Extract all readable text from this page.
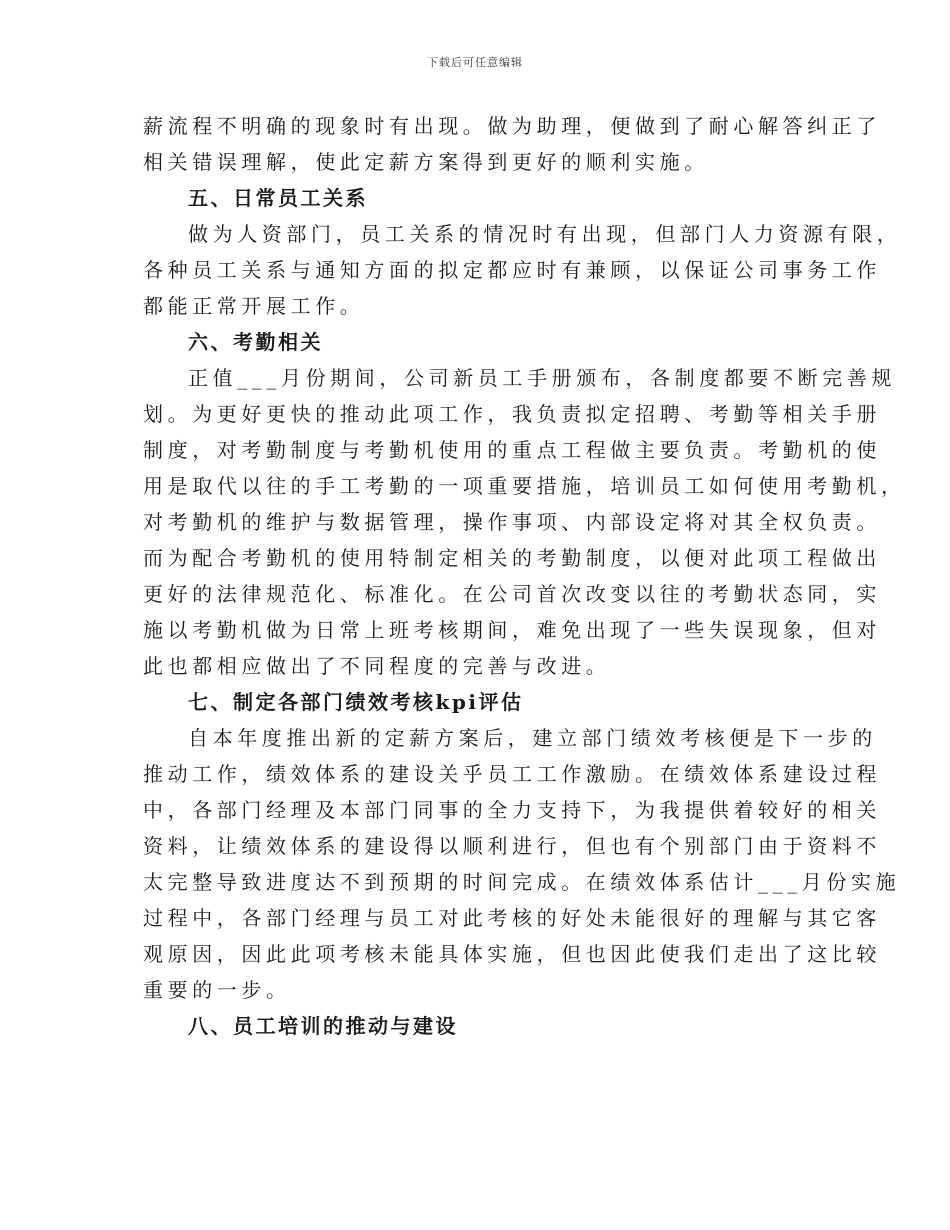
下载后可任意编辑
薪流程不明确的现象时有出现。做为助理，便做到了耐心解答纠正了
相关错误理解，使此定薪方案得到更好的顺利实施。
五、日常员工关系
做为人资部门，员工关系的情况时有出现，但部门人力资源有限，
各种员工关系与通知方面的拟定都应时有兼顾，以保证公司事务工作
都能正常开展工作。
六、考勤相关
正值___月份期间，公司新员工手册颁布，各制度都要不断完善规
划。为更好更快的推动此项工作，我负责拟定招聘、考勤等相关手册
制度，对考勤制度与考勤机使用的重点工程做主要负责。考勤机的使
用是取代以往的手工考勤的一项重要措施，培训员工如何使用考勤机，
对考勤机的维护与数据管理，操作事项、内部设定将对其全权负责。
而为配合考勤机的使用特制定相关的考勤制度，以便对此项工程做出
更好的法律规范化、标准化。在公司首次改变以往的考勤状态同，实
施以考勤机做为日常上班考核期间，难免出现了一些失误现象，但对
此也都相应做出了不同程度的完善与改进。
七、制定各部门绩效考核kpi评估
自本年度推出新的定薪方案后，建立部门绩效考核便是下一步的
推动工作，绩效体系的建设关乎员工工作激励。在绩效体系建设过程
中，各部门经理及本部门同事的全力支持下，为我提供着较好的相关
资料，让绩效体系的建设得以顺利进行，但也有个别部门由于资料不
太完整导致进度达不到预期的时间完成。在绩效体系估计___月份实施
过程中，各部门经理与员工对此考核的好处未能很好的理解与其它客
观原因，因此此项考核未能具体实施，但也因此使我们走出了这比较
重要的一步。
八、员工培训的推动与建设
